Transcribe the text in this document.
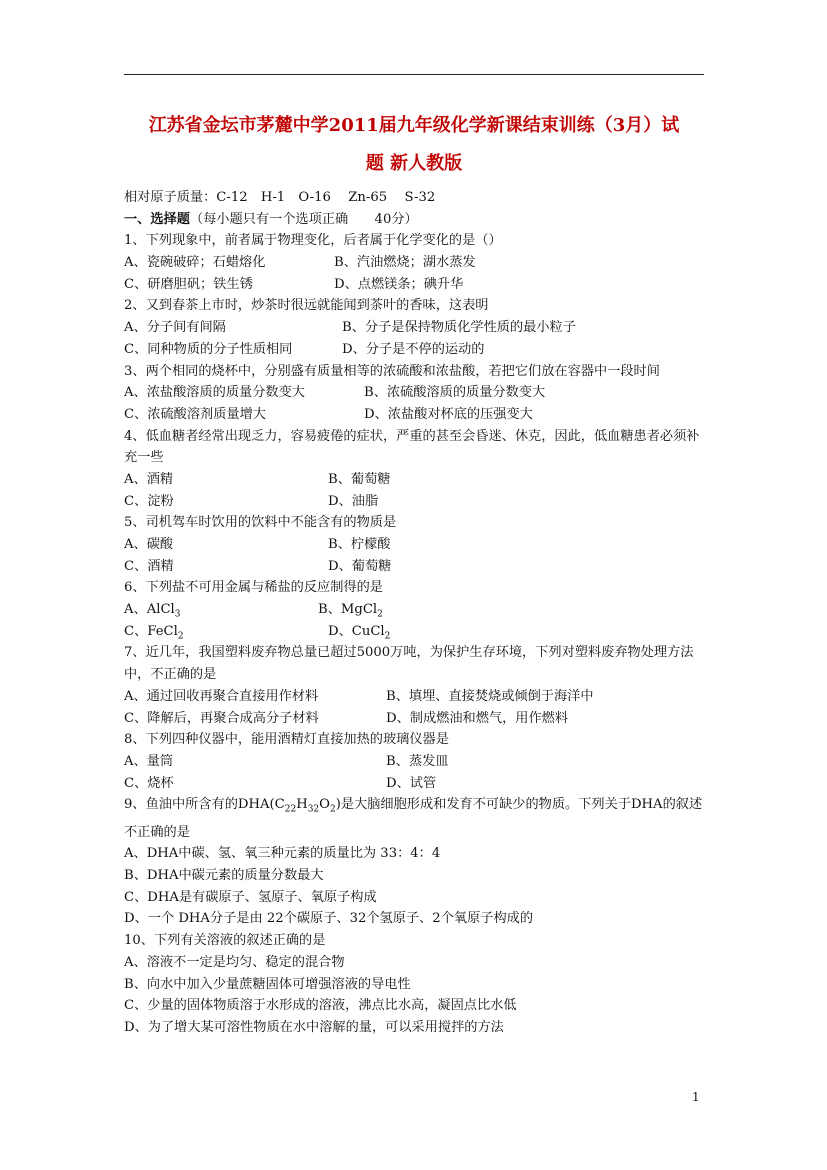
江苏省金坛市茅麓中学2011届九年级化学新课结束训练（3月）试
题 新人教版
相对原子质量：C-12　H-1　O-16　 Zn-65　 S-32
一、选择题（每小题只有一个选项正确　　40分）
1、下列现象中，前者属于物理变化，后者属于化学变化的是（）
A、瓷碗破碎；石蜡熔化	B、汽油燃烧；湖水蒸发
C、研磨胆矾；铁生锈	D、点燃镁条；碘升华
2、又到春茶上市时，炒茶时很远就能闻到茶叶的香味，这表明
A、分子间有间隔	B、分子是保持物质化学性质的最小粒子
C、同种物质的分子性质相同	D、分子是不停的运动的
3、两个相同的烧杯中，分别盛有质量相等的浓硫酸和浓盐酸，若把它们放在容器中一段时间
A、浓盐酸溶质的质量分数变大	B、浓硫酸溶质的质量分数变大
C、浓硫酸溶剂质量增大	D、浓盐酸对杯底的压强变大
4、低血糖者经常出现乏力，容易疲倦的症状，严重的甚至会昏迷、休克，因此，低血糖患者必须补充一些
A、酒精	B、葡萄糖
C、淀粉	D、油脂
5、司机驾车时饮用的饮料中不能含有的物质是
A、碳酸	B、柠檬酸
C、酒精	D、葡萄糖
6、下列盐不可用金属与稀盐的反应制得的是
A、AlCl$_3$	B、MgCl$_2$
C、FeCl$_2$	D、CuCl$_2$
7、近几年，我国塑料废弃物总量已超过5000万吨，为保护生存环境，下列对塑料废弃物处理方法中，不正确的是
A、通过回收再聚合直接用作材料	B、填埋、直接焚烧或倾倒于海洋中
C、降解后，再聚合成高分子材料	D、制成燃油和燃气，用作燃料
8、下列四种仪器中，能用酒精灯直接加热的玻璃仪器是
A、量筒	B、蒸发皿
C、烧杯	D、试管
9、鱼油中所含有的$DHA(C_{22}H_{32}O_2)$是大脑细胞形成和发育不可缺少的物质。下列关于DHA的叙述不正确的是
A、DHA中碳、氢、氧三种元素的质量比为 33：4：4
B、DHA中碳元素的质量分数最大
C、DHA是有碳原子、氢原子、氧原子构成
D、一个 DHA分子是由 22个碳原子、32个氢原子、2个氧原子构成的
10、下列有关溶液的叙述正确的是
A、溶液不一定是均匀、稳定的混合物
B、向水中加入少量蔗糖固体可增强溶液的导电性
C、少量的固体物质溶于水形成的溶液，沸点比水高，凝固点比水低
D、为了增大某可溶性物质在水中溶解的量，可以采用搅拌的方法
1
